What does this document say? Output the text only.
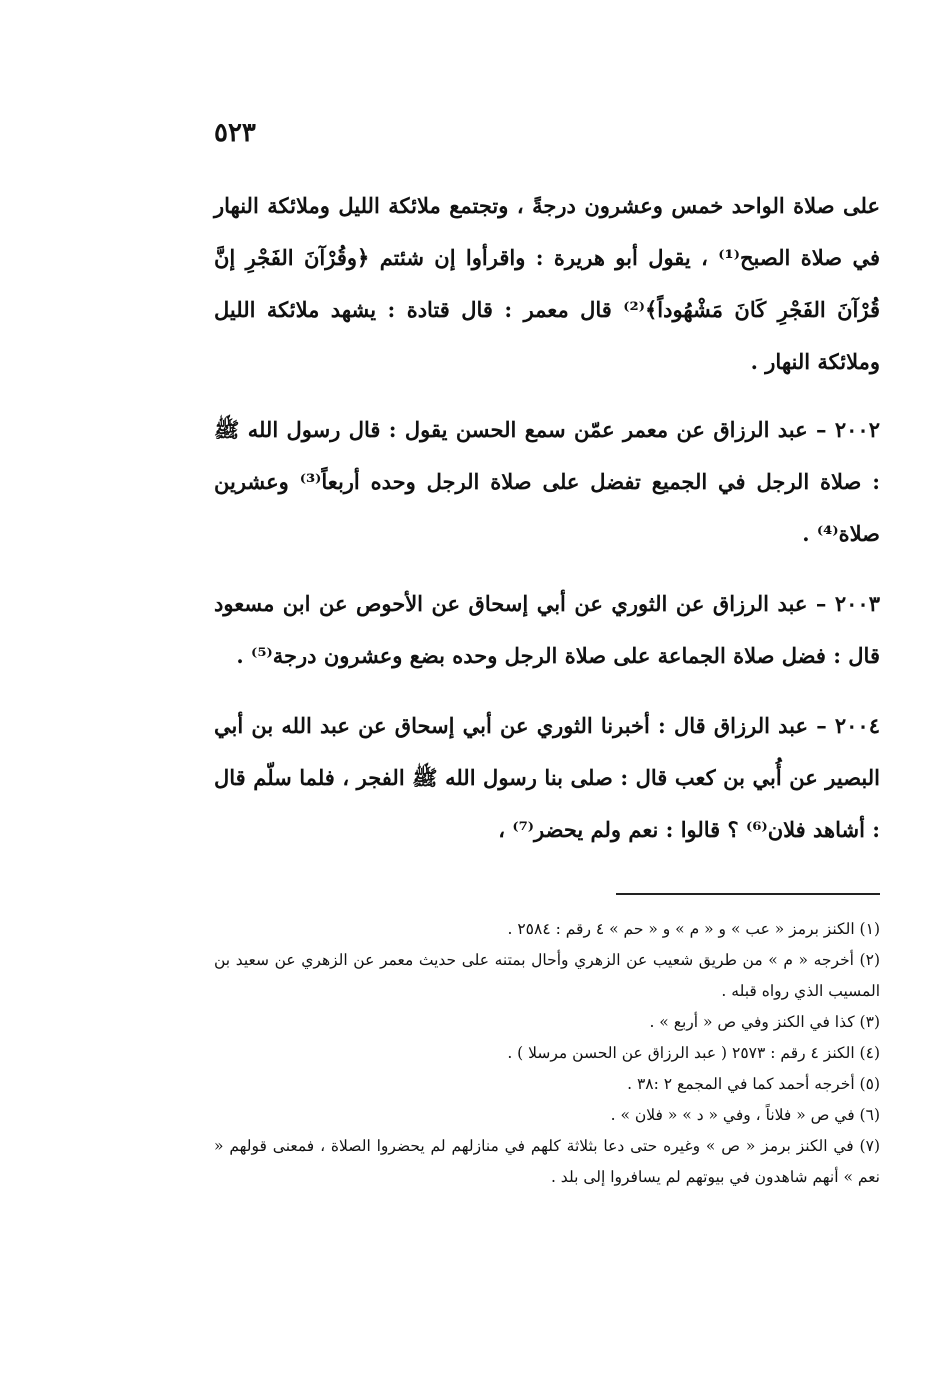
٥٢٣

على صلاة الواحد خمس وعشرون درجةً ، وتجتمع ملائكة الليل وملائكة النهار في صلاة الصبح⁽¹⁾ ، يقول أبو هريرة : واقرأوا إن شئتم ﴿وقُرْآنَ الفَجْرِ إنَّ قُرْآنَ الفَجْرِ كَانَ مَشْهُوداً﴾⁽²⁾ قال معمر : قال قتادة : يشهد ملائكة الليل وملائكة النهار .

٢٠٠٢ – عبد الرزاق عن معمر عمّن سمع الحسن يقول : قال رسول الله ﷺ : صلاة الرجل في الجميع تفضل على صلاة الرجل وحده أربعاً⁽³⁾ وعشرين صلاة⁽⁴⁾ .

٢٠٠٣ – عبد الرزاق عن الثوري عن أبي إسحاق عن الأحوص عن ابن مسعود قال : فضل صلاة الجماعة على صلاة الرجل وحده بضع وعشرون درجة⁽⁵⁾ .

٢٠٠٤ – عبد الرزاق قال : أخبرنا الثوري عن أبي إسحاق عن عبد الله بن أبي البصير عن أُبي بن كعب قال : صلى بنا رسول الله ﷺ الفجر ، فلما سلّم قال : أشاهد فلان⁽⁶⁾ ؟ قالوا : نعم ولم يحضر⁽⁷⁾ ،

(١) الكنز برمز « عب » و « م » و « حم » ٤ رقم : ٢٥٨٤ .

(٢) أخرجه « م » من طريق شعيب عن الزهري وأحال بمتنه على حديث معمر عن الزهري عن سعيد بن المسيب الذي رواه قبله .

(٣) كذا في الكنز وفي ص « أربع » .

(٤) الكنز ٤ رقم : ٢٥٧٣ ( عبد الرزاق عن الحسن مرسلا ) .

(٥) أخرجه أحمد كما في المجمع ٢ :٣٨ .

(٦) في ص « فلاناً ، وفي « د » « فلان » .

(٧) في الكنز برمز « ص » وغيره حتى دعا بثلاثة كلهم في منازلهم لم يحضروا الصلاة ، فمعنى قولهم « نعم » أنهم شاهدون في بيوتهم لم يسافروا إلى بلد .
